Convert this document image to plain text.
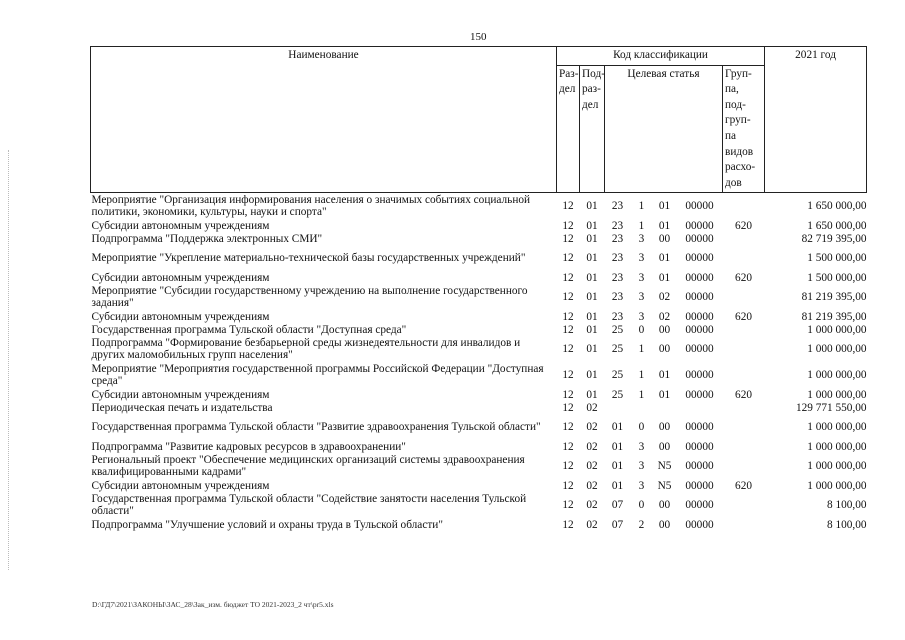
150
Наименование	Код классификации							2021 год
	Раз- дел	Под- раз- дел	Целевая статья				Груп- па, под- груп- па видов расхо- дов	
Мероприятие "Организация информирования населения о значимых событиях социальной политики, экономики, культуры, науки и спорта"	12	01	23	1	01	00000		1 650 000,00
Субсидии автономным учреждениям	12	01	23	1	01	00000	620	1 650 000,00
Подпрограмма "Поддержка электронных СМИ"	12	01	23	3	00	00000		82 719 395,00
Мероприятие "Укрепление материально-технической базы государственных учреждений"	12	01	23	3	01	00000		1 500 000,00
Субсидии автономным учреждениям	12	01	23	3	01	00000	620	1 500 000,00
Мероприятие "Субсидии государственному учреждению на выполнение государственного задания"	12	01	23	3	02	00000		81 219 395,00
Субсидии автономным учреждениям	12	01	23	3	02	00000	620	81 219 395,00
Государственная программа Тульской области "Доступная среда"	12	01	25	0	00	00000		1 000 000,00
Подпрограмма "Формирование безбарьерной среды жизнедеятельности для инвалидов и других маломобильных групп населения"	12	01	25	1	00	00000		1 000 000,00
Мероприятие "Мероприятия государственной программы Российской Федерации "Доступная среда"	12	01	25	1	01	00000		1 000 000,00
Субсидии автономным учреждениям	12	01	25	1	01	00000	620	1 000 000,00
Периодическая печать и издательства	12	02						129 771 550,00
Государственная программа Тульской области "Развитие здравоохранения Тульской области"	12	02	01	0	00	00000		1 000 000,00
Подпрограмма "Развитие кадровых ресурсов в здравоохранении"	12	02	01	3	00	00000		1 000 000,00
Региональный проект "Обеспечение медицинских организаций системы здравоохранения квалифицированными кадрами"	12	02	01	3	N5	00000		1 000 000,00
Субсидии автономным учреждениям	12	02	01	3	N5	00000	620	1 000 000,00
Государственная программа Тульской области "Содействие занятости населения Тульской области"	12	02	07	0	00	00000		8 100,00
Подпрограмма "Улучшение условий и охраны труда в Тульской области"	12	02	07	2	00	00000		8 100,00
D:\ГД7\2021\ЗАКОНЫ\ЗАС_28\Зак_изм. бюджет ТО 2021-2023_2 чт\pr5.xls
